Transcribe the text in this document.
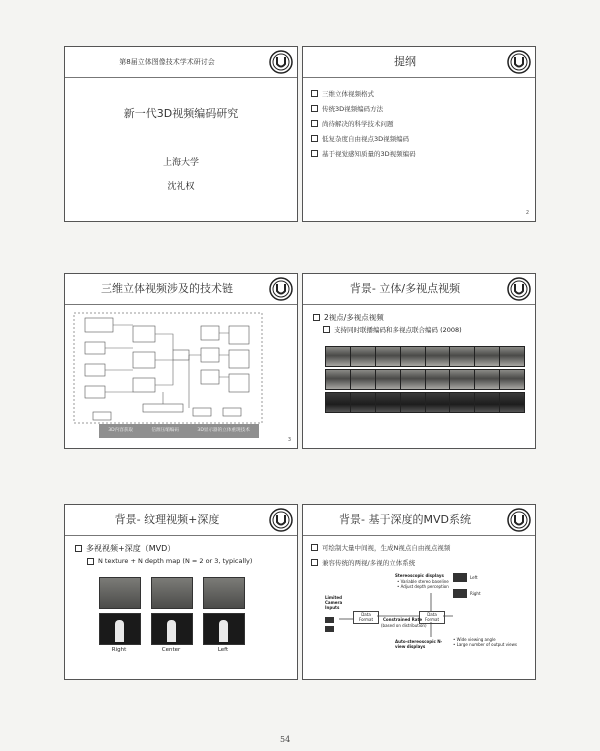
第8届立体图像技术学术研讨会
新一代3D视频编码研究
上海大学
沈礼权
提纲
三维立体视频格式
传统3D视频编码方法
尚待解决的科学技术问题
低复杂度自由视点3D视频编码
基于视觉感知质量的3D视频编码
2
三维立体视频涉及的技术链
3D内容获取	信源压缩编码	3D显示器的立体重现技术
3
背景- 立体/多视点视频
2视点/多视点视频
支持同时联播编码和多视点联合编码 (2008)
背景- 纹理视频+深度
多视视频+深度（MVD）
N texture + N depth map (N = 2 or 3, typically)
Right	Center	Left
背景- 基于深度的MVD系统
可绘制大量中间视，生成N视点自由视点视频
兼容传统的两视/多视的立体系统
Stereoscopic displays
• Variable stereo baseline
• Adjust depth perception
Left
Right
Limited Camera Inputs
Data Format
Data Format
Constrained Rate
(based on distribution)
Auto-stereoscopic N-view displays
• Wide viewing angle
• Large number of output views
54
